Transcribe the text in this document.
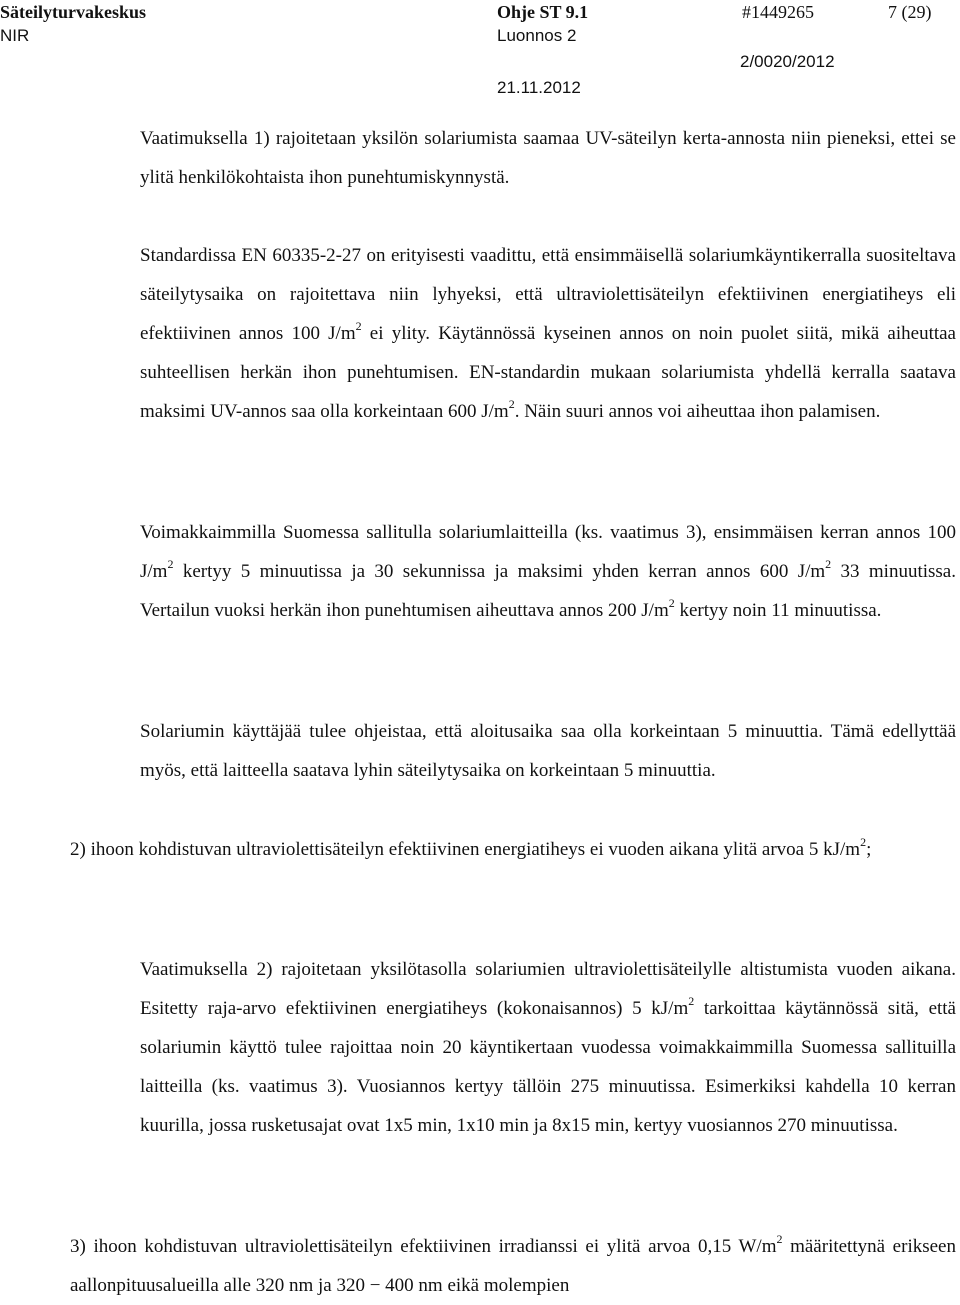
Säteilyturvakeskus
NIR
Ohje ST 9.1
Luonnos 2
21.11.2012
#1449265	7 (29)
2/0020/2012
Vaatimuksella 1) rajoitetaan yksilön solariumista saamaa UV-säteilyn kerta-annosta niin pieneksi, ettei se ylitä henkilökohtaista ihon punehtumiskynnystä.
Standardissa EN 60335-2-27 on erityisesti vaadittu, että ensimmäisellä solariumkäyntikerralla suositeltava säteilytysaika on rajoitettava niin lyhyeksi, että ultraviolettisäteilyn efektiivinen energiatiheys eli efektiivinen annos 100 $J/m^2$ ei ylity. Käytännössä kyseinen annos on noin puolet siitä, mikä aiheuttaa suhteellisen herkän ihon punehtumisen. EN-standardin mukaan solariumista yhdellä kerralla saatava maksimi UV-annos saa olla korkeintaan 600 $J/m^2$. Näin suuri annos voi aiheuttaa ihon palamisen.
Voimakkaimmilla Suomessa sallitulla solariumlaitteilla (ks. vaatimus 3), ensimmäisen kerran annos 100 $J/m^2$ kertyy 5 minuutissa ja 30 sekunnissa ja maksimi yhden kerran annos 600 $J/m^2$ 33 minuutissa. Vertailun vuoksi herkän ihon punehtumisen aiheuttava annos 200 $J/m^2$ kertyy noin 11 minuutissa.
Solariumin käyttäjää tulee ohjeistaa, että aloitusaika saa olla korkeintaan 5 minuuttia. Tämä edellyttää myös, että laitteella saatava lyhin säteilytysaika on korkeintaan 5 minuuttia.
2) ihoon kohdistuvan ultraviolettisäteilyn efektiivinen energiatiheys ei vuoden aikana ylitä arvoa 5 $kJ/m^2$;
Vaatimuksella 2) rajoitetaan yksilötasolla solariumien ultraviolettisäteilylle altistumista vuoden aikana. Esitetty raja-arvo efektiivinen energiatiheys (kokonaisannos) 5 $kJ/m^2$ tarkoittaa käytännössä sitä, että solariumin käyttö tulee rajoittaa noin 20 käyntikertaan vuodessa voimakkaimmilla Suomessa sallituilla laitteilla (ks. vaatimus 3). Vuosiannos kertyy tällöin 275 minuutissa. Esimerkiksi kahdella 10 kerran kuurilla, jossa rusketusajat ovat 1x5 min, 1x10 min ja 8x15 min, kertyy vuosiannos 270 minuutissa.
3) ihoon kohdistuvan ultraviolettisäteilyn efektiivinen irradianssi ei ylitä arvoa 0,15 $W/m^2$ määritettynä erikseen aallonpituusalueilla alle 320 nm ja 320 − 400 nm eikä molempien
